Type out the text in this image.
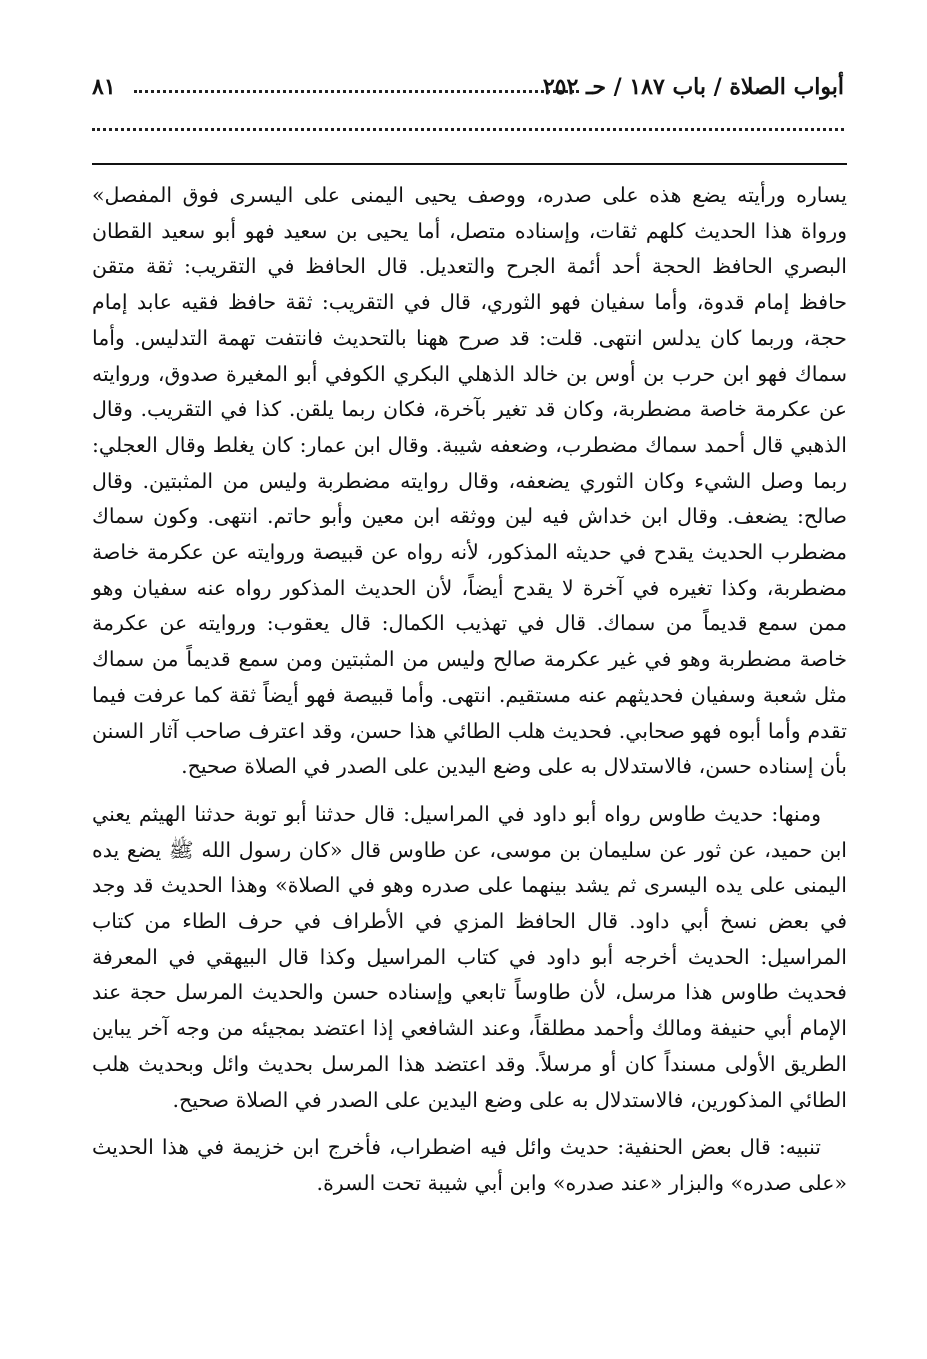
أبواب الصلاة / باب ١٨٧ / حـ ٢٥٢
٨١

يساره ورأيته يضع هذه على صدره، ووصف يحيى اليمنى على اليسرى فوق المفصل» ورواة هذا الحديث كلهم ثقات، وإسناده متصل، أما يحيى بن سعيد فهو أبو سعيد القطان البصري الحافظ الحجة أحد أئمة الجرح والتعديل. قال الحافظ في التقريب: ثقة متقن حافظ إمام قدوة، وأما سفيان فهو الثوري، قال في التقريب: ثقة حافظ فقيه عابد إمام حجة، وربما كان يدلس انتهى. قلت: قد صرح ههنا بالتحديث فانتفت تهمة التدليس. وأما سماك فهو ابن حرب بن أوس بن خالد الذهلي البكري الكوفي أبو المغيرة صدوق، وروايته عن عكرمة خاصة مضطربة، وكان قد تغير بآخرة، فكان ربما يلقن. كذا في التقريب. وقال الذهبي قال أحمد سماك مضطرب، وضعفه شيبة. وقال ابن عمار: كان يغلط وقال العجلي: ربما وصل الشيء وكان الثوري يضعفه، وقال روايته مضطربة وليس من المثبتين. وقال صالح: يضعف. وقال ابن خداش فيه لين ووثقه ابن معين وأبو حاتم. انتهى. وكون سماك مضطرب الحديث يقدح في حديثه المذكور، لأنه رواه عن قبيصة وروايته عن عكرمة خاصة مضطربة، وكذا تغيره في آخرة لا يقدح أيضاً، لأن الحديث المذكور رواه عنه سفيان وهو ممن سمع قديماً من سماك. قال في تهذيب الكمال: قال يعقوب: وروايته عن عكرمة خاصة مضطربة وهو في غير عكرمة صالح وليس من المثبتين ومن سمع قديماً من سماك مثل شعبة وسفيان فحديثهم عنه مستقيم. انتهى. وأما قبيصة فهو أيضاً ثقة كما عرفت فيما تقدم وأما أبوه فهو صحابي. فحديث هلب الطائي هذا حسن، وقد اعترف صاحب آثار السنن بأن إسناده حسن، فالاستدلال به على وضع اليدين على الصدر في الصلاة صحيح.

ومنها: حديث طاوس رواه أبو داود في المراسيل: قال حدثنا أبو توبة حدثنا الهيثم يعني ابن حميد، عن ثور عن سليمان بن موسى، عن طاوس قال «كان رسول الله ﷺ يضع يده اليمنى على يده اليسرى ثم يشد بينهما على صدره وهو في الصلاة» وهذا الحديث قد وجد في بعض نسخ أبي داود. قال الحافظ المزي في الأطراف في حرف الطاء من كتاب المراسيل: الحديث أخرجه أبو داود في كتاب المراسيل وكذا قال البيهقي في المعرفة فحديث طاوس هذا مرسل، لأن طاوساً تابعي وإسناده حسن والحديث المرسل حجة عند الإمام أبي حنيفة ومالك وأحمد مطلقاً، وعند الشافعي إذا اعتضد بمجيئه من وجه آخر يباين الطريق الأولى مسنداً كان أو مرسلاً. وقد اعتضد هذا المرسل بحديث وائل وبحديث هلب الطائي المذكورين، فالاستدلال به على وضع اليدين على الصدر في الصلاة صحيح.

تنبيه: قال بعض الحنفية: حديث وائل فيه اضطراب، فأخرج ابن خزيمة في هذا الحديث «على صدره» والبزار «عند صدره» وابن أبي شيبة تحت السرة.
